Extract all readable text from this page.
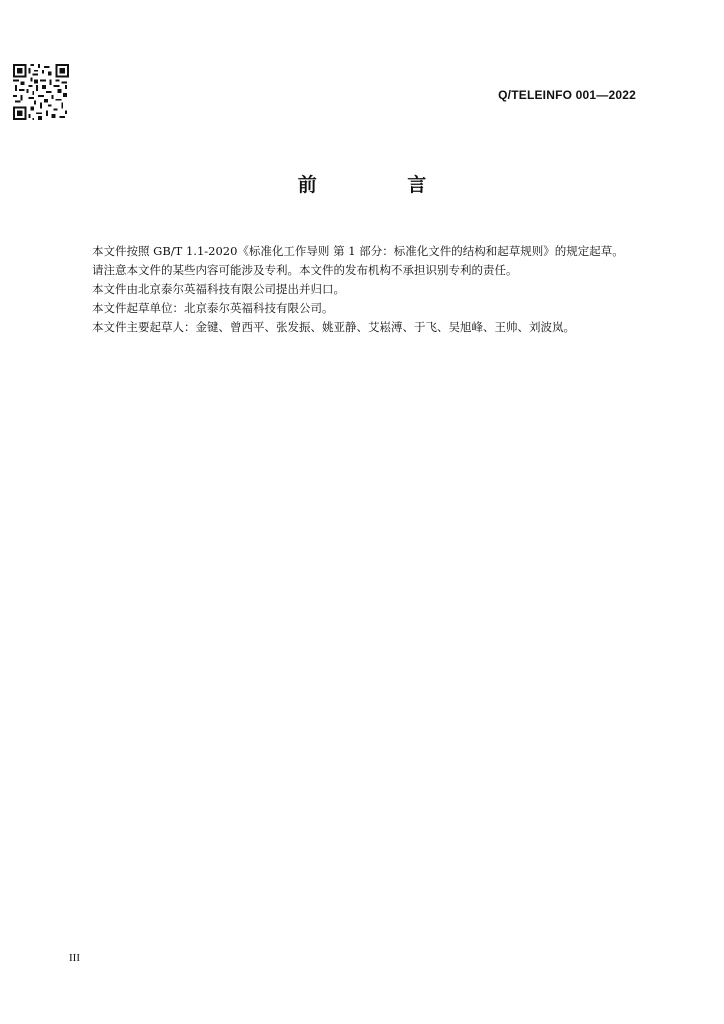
Q/TELEINFO 001—2022
前 言

本文件按照 GB/T 1.1-2020《标准化工作导则 第 1 部分：标准化文件的结构和起草规则》的规定起草。

请注意本文件的某些内容可能涉及专利。本文件的发布机构不承担识别专利的责任。

本文件由北京泰尔英福科技有限公司提出并归口。

本文件起草单位：北京泰尔英福科技有限公司。

本文件主要起草人：金键、曾西平、张发振、姚亚静、艾崧溥、于飞、吴旭峰、王帅、刘波岚。

III
